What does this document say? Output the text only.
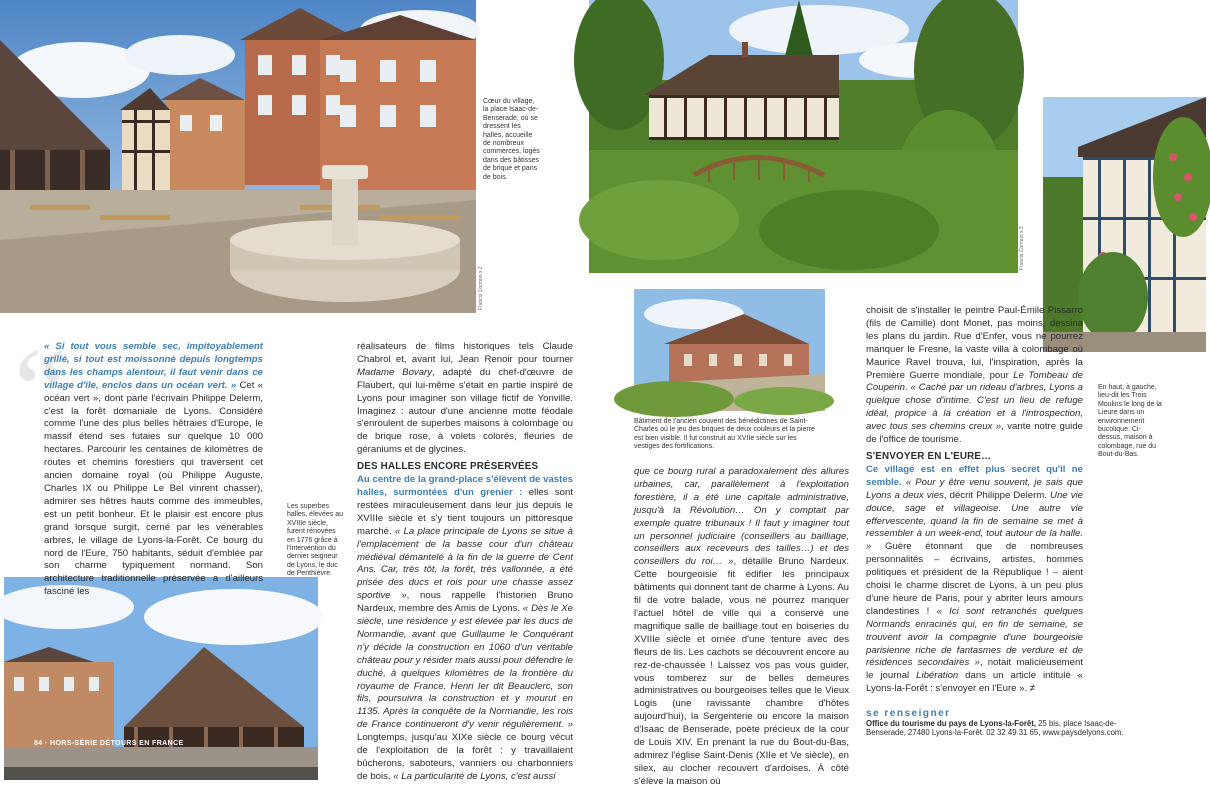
Francis Cormon x 2
Cœur du village, la place Isaac-de-Benserade, où se dressent les halles, accueille de nombreux commerces, logés dans des bâtisses de brique et pans de bois.
Francis Cormon x 3
En haut, à gauche, lieu-dit les Trois Moulins le long de la Lieure dans un environnement bucolique. Ci-dessus, maison à colombage, rue du Bout-du-Bas.
Bâtiment de l'ancien couvent des bénédictines de Saint-Charles où le jeu des briques de deux couleurs et la pierre est bien visible. Il fut construit au XVIIe siècle sur les vestiges des fortifications.
84 · HORS-SÉRIE DÉTOURS EN FRANCE
Les superbes halles, élevées au XVIIIe siècle, furent rénovées en 1776 grâce à l'intervention du dernier seigneur de Lyons, le duc de Penthièvre.
“

« Si tout vous semble sec, impitoyablement grillé, si tout est moissonné depuis longtemps dans les champs alentour, il faut venir dans ce village d'île, enclos dans un océan vert. » Cet « océan vert », dont parle l'écrivain Philippe Delerm, c'est la forêt domaniale de Lyons. Considéré comme l'une des plus belles hêtraies d'Europe, le massif étend ses futaies sur quelque 10 000 hectares. Parcourir les centaines de kilomètres de routes et chemins forestiers qui traversent cet ancien domaine royal (où Philippe Auguste, Charles IX ou Philippe Le Bel vinrent chasser), admirer ses hêtres hauts comme des immeubles, est un petit bonheur. Et le plaisir est encore plus grand lorsque surgit, cerné par les vénérables arbres, le village de Lyons-la-Forêt. Ce bourg du nord de l'Eure, 750 habitants, séduit d'emblée par son charme typiquement normand. Son architecture traditionnelle préservée a d'ailleurs fasciné les

réalisateurs de films historiques tels Claude Chabrol et, avant lui, Jean Renoir pour tourner Madame Bovary, adapté du chef-d'œuvre de Flaubert, qui lui-même s'était en partie inspiré de Lyons pour imaginer son village fictif de Yonville. Imaginez : autour d'une ancienne motte féodale s'enroulent de superbes maisons à colombage ou de brique rose, à volets colorés, fleuries de géraniums et de glycines.

DES HALLES ENCORE PRÉSERVÉES

Au centre de la grand-place s'élèvent de vastes halles, surmontées d'un grenier : elles sont restées miraculeusement dans leur jus depuis le XVIIIe siècle et s'y tient toujours un pittoresque marché. « La place principale de Lyons se situe à l'emplacement de la basse cour d'un château médiéval démantelé à la fin de la guerre de Cent Ans. Car, très tôt, la forêt, très vallonnée, a été prisée des ducs et rois pour une chasse assez sportive », nous rappelle l'historien Bruno Nardeux, membre des Amis de Lyons. « Dès le Xe siècle, une résidence y est élevée par les ducs de Normandie, avant que Guillaume le Conquérant n'y décide la construction en 1060 d'un véritable château pour y résider mais aussi pour défendre le duché, à quelques kilomètres de la frontière du royaume de France. Henri Ier dit Beauclerc, son fils, poursuivra la construction et y mourut en 1135. Après la conquête de la Normandie, les rois de France continueront d'y venir régulièrement. » Longtemps, jusqu'au XIXe siècle ce bourg vécut de l'exploitation de la forêt : y travaillaient bûcherons, saboteurs, vanniers ou charbonniers de bois. « La particularité de Lyons, c'est aussi

que ce bourg rural a paradoxalement des allures urbaines, car, parallèlement à l'exploitation forestière, il a été une capitale administrative, jusqu'à la Révolution… On y comptait par exemple quatre tribunaux ! Il faut y imaginer tout un personnel judiciaire (conseillers au bailliage, conseillers aux receveurs des tailles…) et des conseillers du roi… », détaille Bruno Nardeux. Cette bourgeoisie fit édifier les principaux bâtiments qui donnent tant de charme à Lyons. Au fil de votre balade, vous ne pourrez manquer l'actuel hôtel de ville qui a conservé une magnifique salle de bailliage tout en boiseries du XVIIIe siècle et ornée d'une tenture avec des fleurs de lis. Les cachots se découvrent encore au rez-de-chaussée ! Laissez vos pas vous guider, vous tomberez sur de belles demeures administratives ou bourgeoises telles que le Vieux Logis (une ravissante chambre d'hôtes aujourd'hui), la Sergenterie ou encore la maison d'Isaac de Benserade, poète précieux de la cour de Louis XIV. En prenant la rue du Bout-du-Bas, admirez l'église Saint-Denis (XIIe et Ve siècle), en silex, au clocher recouvert d'ardoises. À côté s'élève la maison où

choisit de s'installer le peintre Paul-Émile Pissarro (fils de Camille) dont Monet, pas moins, dessina les plans du jardin. Rue d'Enfer, vous ne pourrez manquer le Fresne, la vaste villa à colombage où Maurice Ravel trouva, lui, l'inspiration, après la Première Guerre mondiale, pour Le Tombeau de Couperin. « Caché par un rideau d'arbres, Lyons a quelque chose d'intime. C'est un lieu de refuge idéal, propice à la création et à l'introspection, avec tous ses chemins creux », vante notre guide de l'office de tourisme.

S'ENVOYER EN L'EURE…

Ce village est en effet plus secret qu'il ne semble. « Pour y être venu souvent, je sais que Lyons a deux vies, décrit Philippe Delerm. Une vie douce, sage et villageoise. Une autre vie effervescente, quand la fin de semaine se met à ressembler à un week-end, tout autour de la halle. » Guère étonnant que de nombreuses personnalités – écrivains, artistes, hommes politiques et président de la République ! – aient choisi le charme discret de Lyons, à un peu plus d'une heure de Paris, pour y abriter leurs amours clandestines ! « Ici sont retranchés quelques Normands enracinés qui, en fin de semaine, se trouvent avoir la compagnie d'une bourgeoisie parisienne riche de fantasmes de verdure et de résidences secondaires », notait malicieusement le journal Libération dans un article intitulé « Lyons-la-Forêt : s'envoyer en l'Eure ». ≠

se renseigner
Office du tourisme du pays de Lyons-la-Forêt, 25 bis, place Isaac-de-Benserade, 27480 Lyons-la-Forêt. 02 32 49 31 65, www.paysdelyons.com.
